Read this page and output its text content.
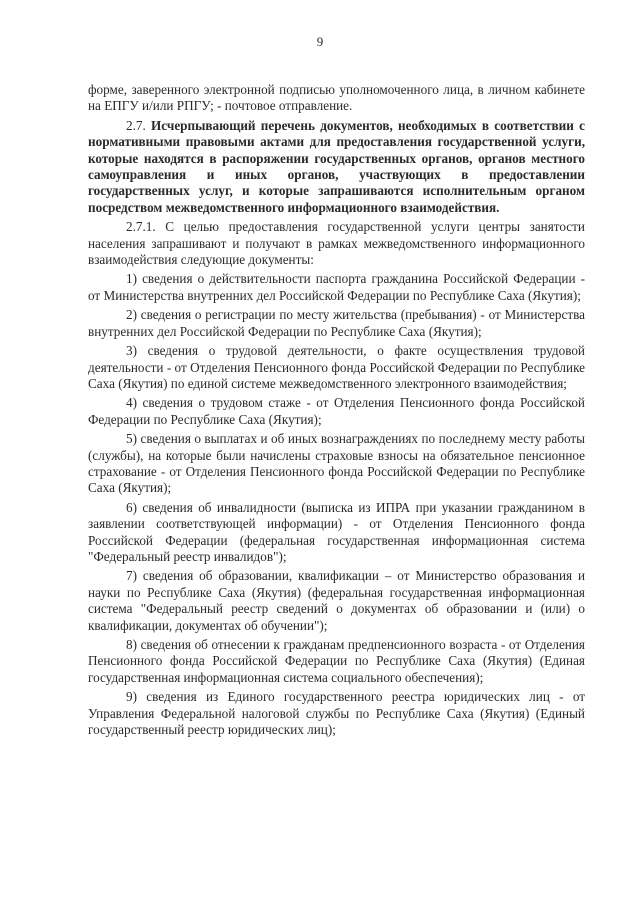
9

форме, заверенного электронной подписью уполномоченного лица, в личном кабинете на ЕПГУ и/или РПГУ; - почтовое отправление.

2.7. Исчерпывающий перечень документов, необходимых в соответствии с нормативными правовыми актами для предоставления государственной услуги, которые находятся в распоряжении государственных органов, органов местного самоуправления и иных органов, участвующих в предоставлении государственных услуг, и которые запрашиваются исполнительным органом посредством межведомственного информационного взаимодействия.

2.7.1. С целью предоставления государственной услуги центры занятости населения запрашивают и получают в рамках межведомственного информационного взаимодействия следующие документы:

1) сведения о действительности паспорта гражданина Российской Федерации - от Министерства внутренних дел Российской Федерации по Республике Саха (Якутия);

2) сведения о регистрации по месту жительства (пребывания) - от Министерства внутренних дел Российской Федерации по Республике Саха (Якутия);

3) сведения о трудовой деятельности, о факте осуществления трудовой деятельности - от Отделения Пенсионного фонда Российской Федерации по Республике Саха (Якутия) по единой системе межведомственного электронного взаимодействия;

4) сведения о трудовом стаже - от Отделения Пенсионного фонда Российской Федерации по Республике Саха (Якутия);

5) сведения о выплатах и об иных вознаграждениях по последнему месту работы (службы), на которые были начислены страховые взносы на обязательное пенсионное страхование - от Отделения Пенсионного фонда Российской Федерации по Республике Саха (Якутия);

6) сведения об инвалидности (выписка из ИПРА при указании гражданином в заявлении соответствующей информации) - от Отделения Пенсионного фонда Российской Федерации (федеральная государственная информационная система "Федеральный реестр инвалидов");

7) сведения об образовании, квалификации – от Министерство образования и науки по Республике Саха (Якутия) (федеральная государственная информационная система "Федеральный реестр сведений о документах об образовании и (или) о квалификации, документах об обучении");

8) сведения об отнесении к гражданам предпенсионного возраста - от Отделения Пенсионного фонда Российской Федерации по Республике Саха (Якутия) (Единая государственная информационная система социального обеспечения);

9) сведения из Единого государственного реестра юридических лиц - от Управления Федеральной налоговой службы по Республике Саха (Якутия) (Единый государственный реестр юридических лиц);
